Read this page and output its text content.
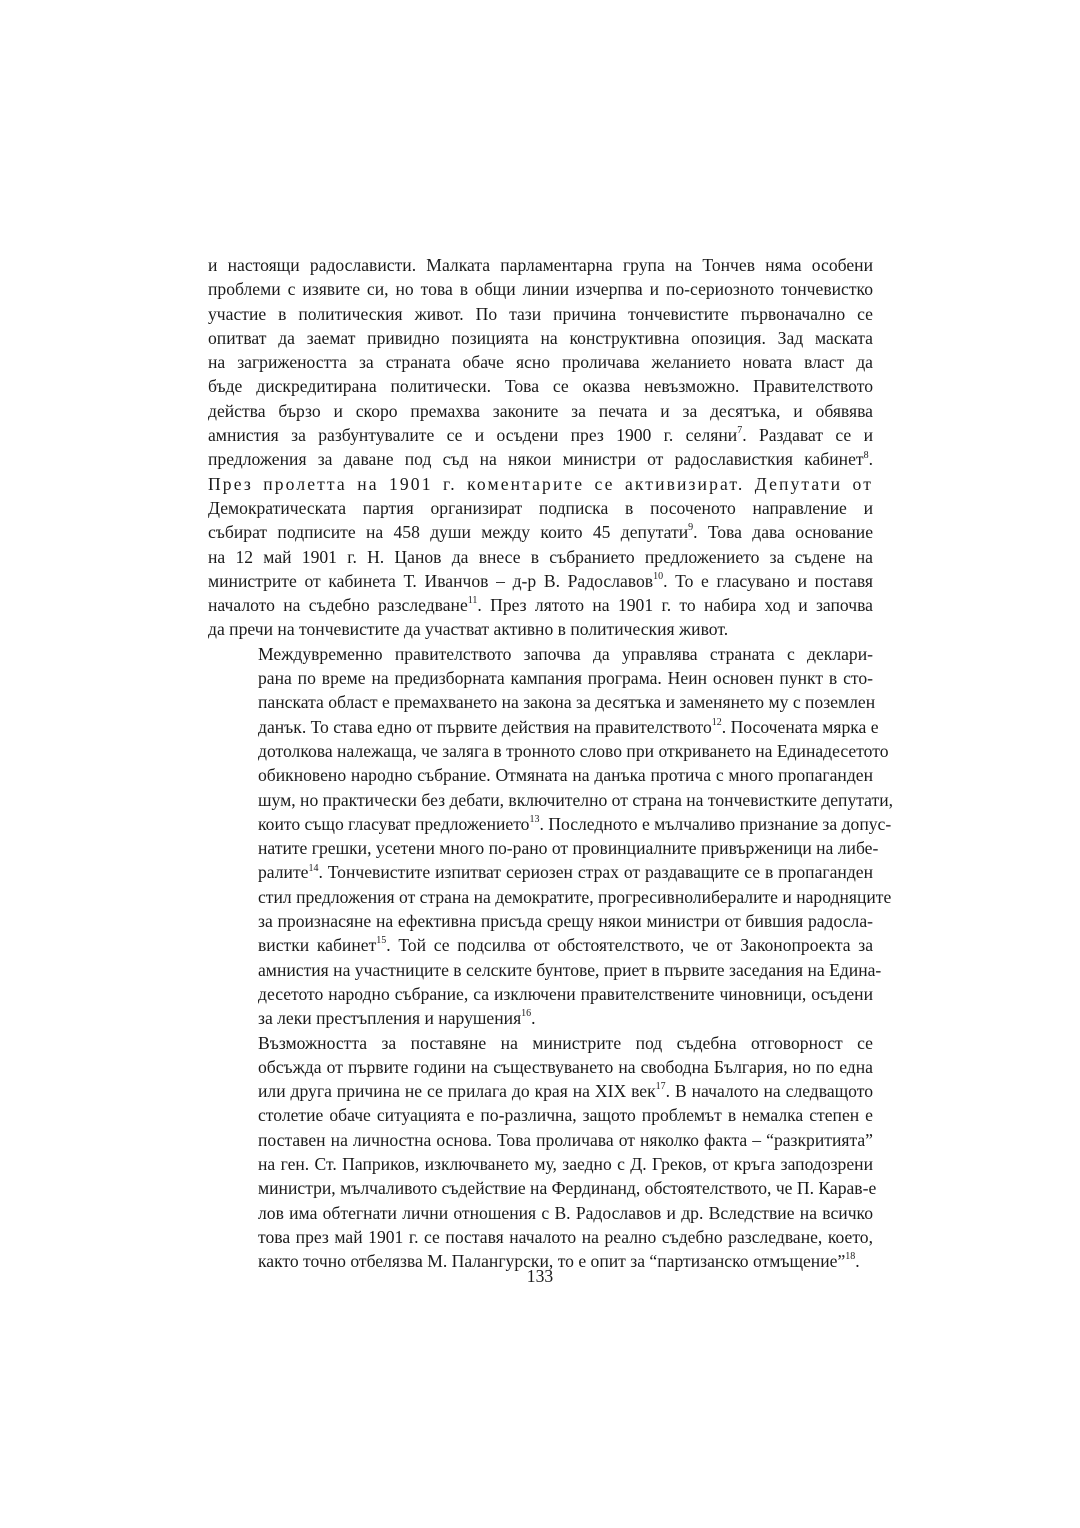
и настоящи радослависти. Малката парламентарна група на Тончев няма особени
проблеми с изявите си, но това в общи линии изчерпва и по-сериозното тончевистко
участие в политическия живот. По тази причина тончевистите първоначално се
опитват да заемат привидно позицията на конструктивна опозиция. Зад маската
на загрижеността за страната обаче ясно проличава желанието новата власт да
бъде дискредитирана политически. Това се оказва невъзможно. Правителството
действа бързо и скоро премахва законите за печата и за десятъка, и обявява
амнистия за разбунтувалите се и осъдени през 1900 г. селяни$^7$. Раздават се и
предложения за даване под съд на някои министри от радослависткия кабинет$^8$.
През пролетта на 1901 г. коментарите се активизират. Депутати от
Демократическата партия организират подписка в посоченото направление и
събират подписите на 458 души между които 45 депутати$^9$. Това дава основание
на 12 май 1901 г. Н. Цанов да внесе в събранието предложението за съдене на
министрите от кабинета Т. Иванчов – д-р В. Радославов$^{10}$. То е гласувано и поставя
началото на съдебно разследване$^{11}$. През лятото на 1901 г. то набира ход и започва
да пречи на тончевистите да участват активно в политическия живот.

Междувременно правителството започва да управлява страната с деклари-
рана по време на предизборната кампания програма. Неин основен пункт в сто-
панската област е премахването на закона за десятъка и заменянето му с поземлен
данък. То става едно от първите действия на правителството$^{12}$. Посочената мярка е
дотолкова належаща, че заляга в тронното слово при откриването на Единадесетото
обикновено народно събрание. Отмяната на данъка протича с много пропаганден
шум, но практически без дебати, включително от страна на тончевистките депутати,
които също гласуват предложението$^{13}$. Последното е мълчаливо признание за допус-
натите грешки, усетени много по-рано от провинциалните привърженици на либе-
ралите$^{14}$. Тончевистите изпитват сериозен страх от раздаващите се в пропаганден
стил предложения от страна на демократите, прогресивнолибералите и народняците
за произнасяне на ефективна присъда срещу някои министри от бившия радосла-
вистки кабинет$^{15}$. Той се подсилва от обстоятелството, че от Законопроекта за
амнистия на участниците в селските бунтове, приет в първите заседания на Едина-
десетото народно събрание, са изключени правителствените чиновници, осъдени
за леки престъпления и нарушения$^{16}$.

Възможността за поставяне на министрите под съдебна отговорност се
обсъжда от първите години на съществуването на свободна България, но по една
или друга причина не се прилага до края на XIX век$^{17}$. В началото на следващото
столетие обаче ситуацията е по-различна, защото проблемът в немалка степен е
поставен на личностна основа. Това проличава от няколко факта – “разкритията”
на ген. Ст. Паприков, изключването му, заедно с Д. Греков, от кръга заподозрени
министри, мълчаливото съдействие на Фердинанд, обстоятелството, че П. Карав-е
лов има обтегнати лични отношения с В. Радославов и др. Вследствие на всичко
това през май 1901 г. се поставя началото на реално съдебно разследване, което,
както точно отбелязва М. Палангурски, то е опит за “партизанско отмъщение”$^{18}$.

133
